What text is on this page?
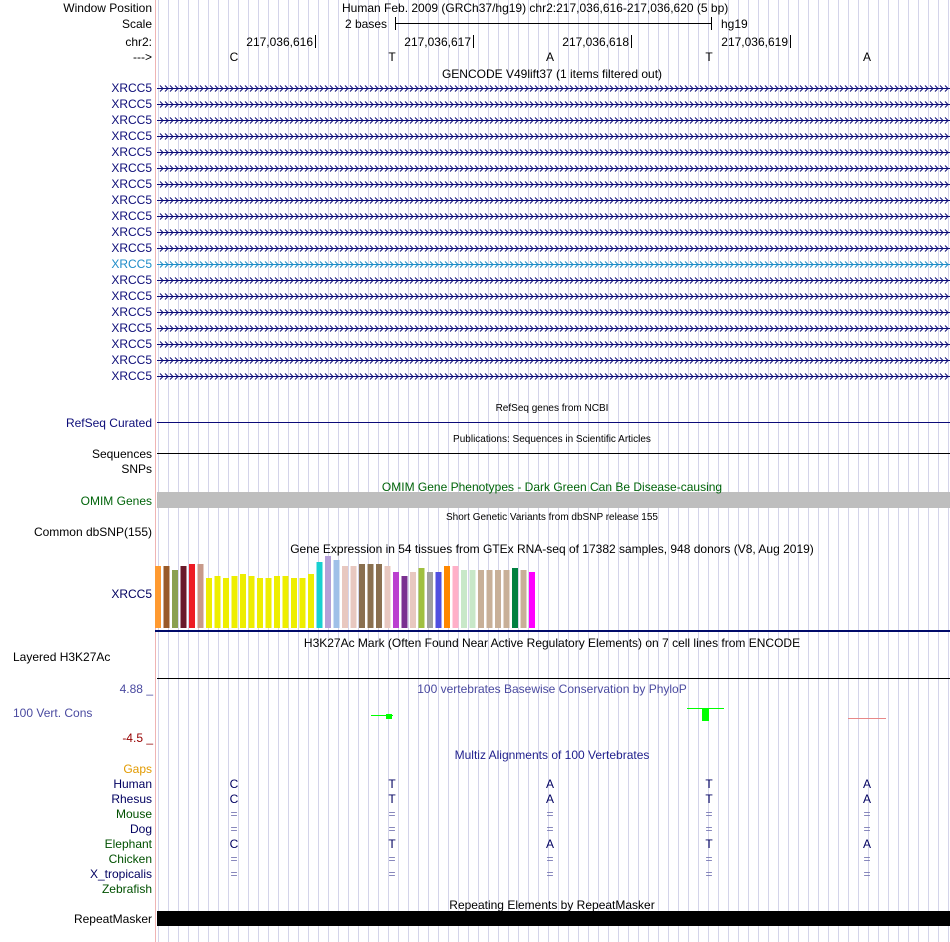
Window Position
Scale
chr2:
--->
Human Feb. 2009 (GRCh37/hg19) chr2:217,036,616-217,036,620 (5 bp)
2 bases	hg19
217,036,616	217,036,617	217,036,618	217,036,619
C	T	A	T	A
GENCODE V49lift37 (1 items filtered out)
XRCC5
XRCC5
XRCC5
XRCC5
XRCC5
XRCC5
XRCC5
XRCC5
XRCC5
XRCC5
XRCC5
XRCC5
XRCC5
XRCC5
XRCC5
XRCC5
XRCC5
XRCC5
XRCC5
RefSeq genes from NCBI
RefSeq Curated
Publications: Sequences in Scientific Articles
Sequences
SNPs
OMIM Gene Phenotypes - Dark Green Can Be Disease-causing
OMIM Genes
Short Genetic Variants from dbSNP release 155
Common dbSNP(155)
Gene Expression in 54 tissues from GTEx RNA-seq of 17382 samples, 948 donors (V8, Aug 2019)
XRCC5
H3K27Ac Mark (Often Found Near Active Regulatory Elements) on 7 cell lines from ENCODE
Layered H3K27Ac
4.88 _	100 vertebrates Basewise Conservation by PhyloP
100 Vert. Cons
-4.5 _
Multiz Alignments of 100 Vertebrates
Gaps
Human	C	T	A	T	A
Rhesus	C	T	A	T	A
Mouse	=	=	=	=	=
Dog	=	=	=	=	=
Elephant	C	T	A	T	A
Chicken	=	=	=	=	=
X_tropicalis	=	=	=	=	=
Zebrafish
Repeating Elements by RepeatMasker
RepeatMasker
